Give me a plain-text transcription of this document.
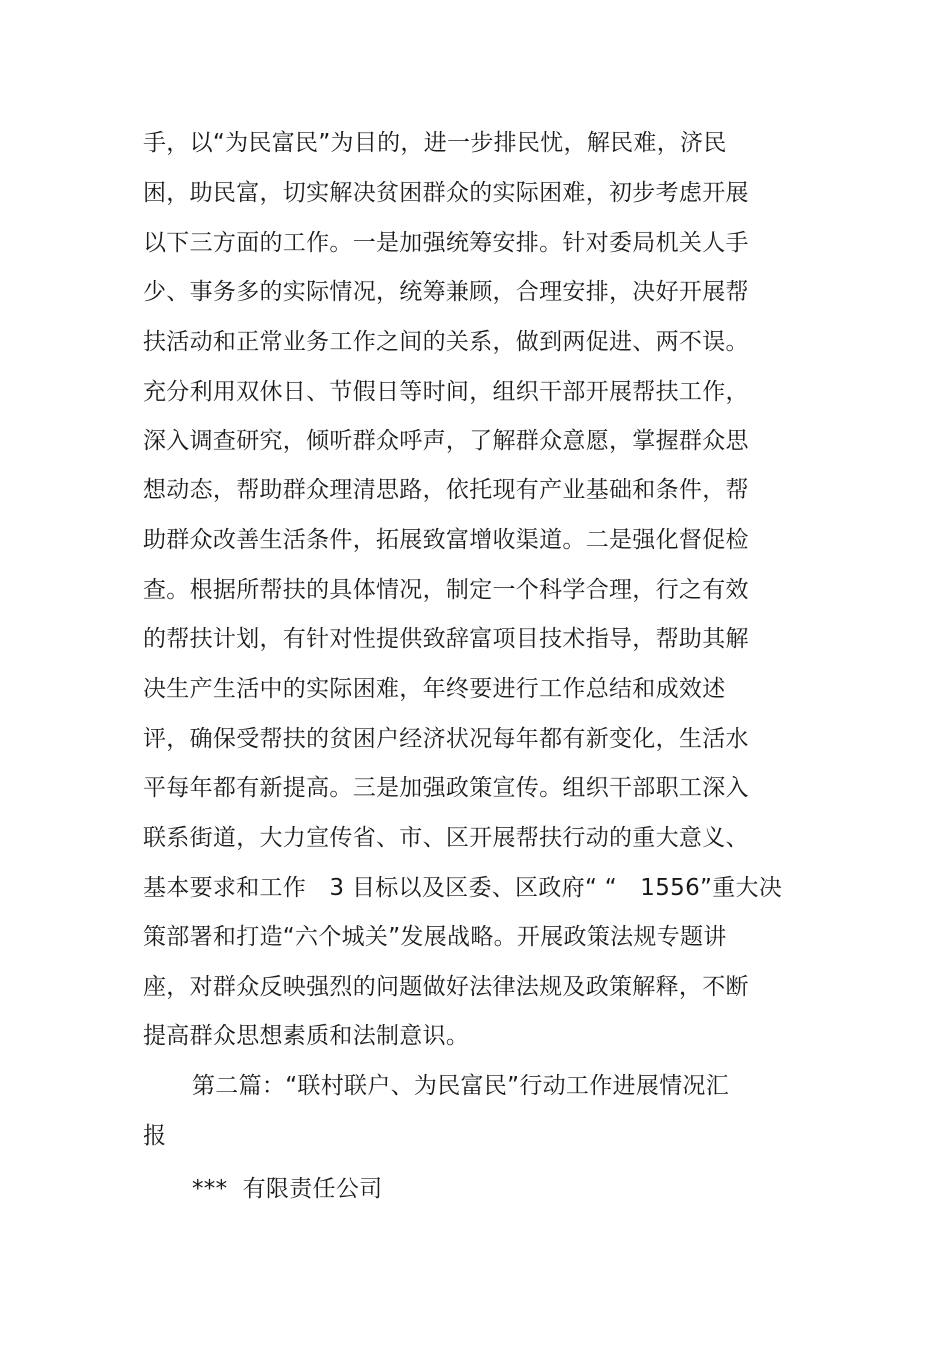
手，以“为民富民”为目的，进一步排民忧，解民难，济民
困，助民富，切实解决贫困群众的实际困难，初步考虑开展
以下三方面的工作。一是加强统筹安排。针对委局机关人手
少、事务多的实际情况，统筹兼顾，合理安排，决好开展帮
扶活动和正常业务工作之间的关系，做到两促进、两不误。
充分利用双休日、节假日等时间，组织干部开展帮扶工作，
深入调查研究，倾听群众呼声，了解群众意愿，掌握群众思
想动态，帮助群众理清思路，依托现有产业基础和条件，帮
助群众改善生活条件，拓展致富增收渠道。二是强化督促检
查。根据所帮扶的具体情况，制定一个科学合理，行之有效
的帮扶计划，有针对性提供致辞富项目技术指导，帮助其解
决生产生活中的实际困难，年终要进行工作总结和成效述
评，确保受帮扶的贫困户经济状况每年都有新变化，生活水
平每年都有新提高。三是加强政策宣传。组织干部职工深入
联系街道，大力宣传省、市、区开展帮扶行动的重大意义、
基本要求和工作　3 目标以及区委、区政府“ “　1556”重大决
策部署和打造“六个城关”发展战略。开展政策法规专题讲
座，对群众反映强烈的问题做好法律法规及政策解释，不断
提高群众思想素质和法制意识。
第二篇：“联村联户、为民富民”行动工作进展情况汇
报
***  有限责任公司
